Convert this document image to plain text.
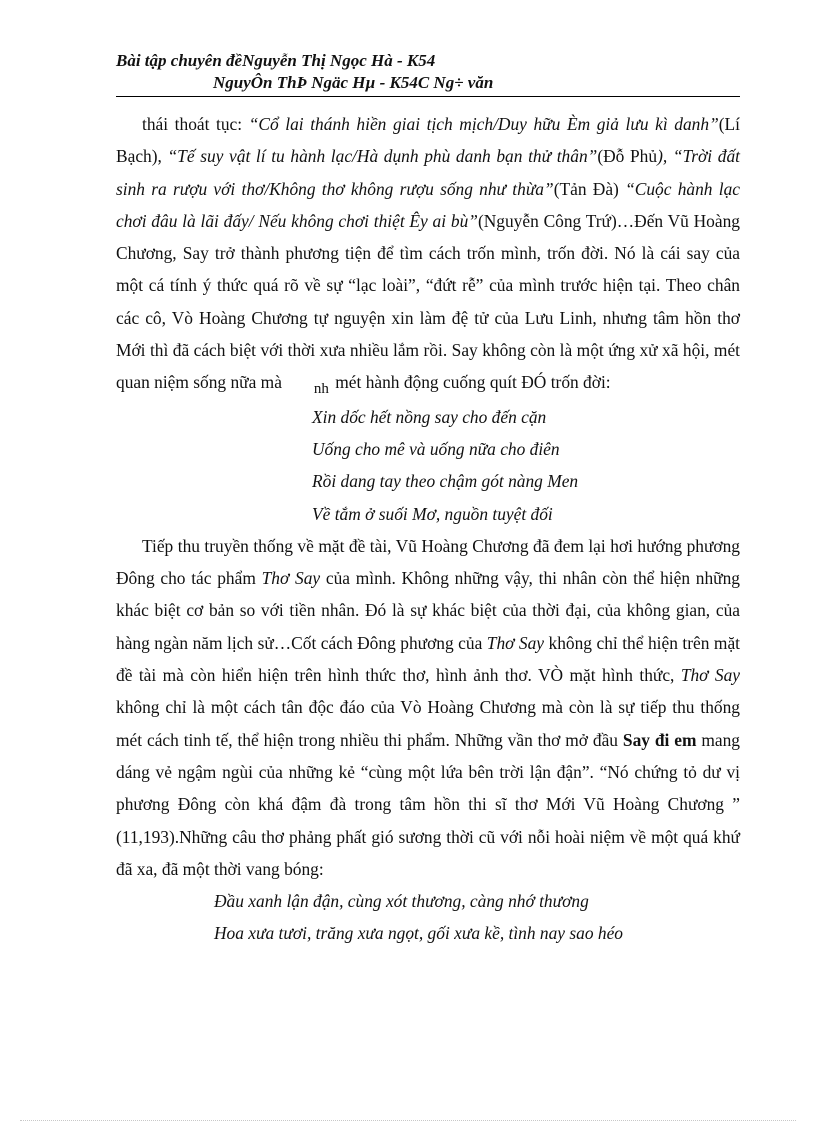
Bài tập chuyên đềNguyễn Thị Ngọc Hà - K54
NguyÔn ThÞ Ngäc Hµ - K54C Ng÷ văn

thái thoát tục: “Cổ lai thánh hiền giai tịch mịch/Duy hữu Èm giả lưu kì danh”(Lí Bạch), “Tế suy vật lí tu hành lạc/Hà dụnh phù danh bạn thử thân”(Đỗ Phủ), “Trời đất sinh ra rượu với thơ/Không thơ không rượu sống như thừa”(Tản Đà) “Cuộc hành lạc chơi đâu là lãi đấy/ Nếu không chơi thiệt Êy ai bù”(Nguyễn Công Trứ)…Đến Vũ Hoàng Chương, Say trở thành phương tiện để tìm cách trốn mình, trốn đời. Nó là cái say của một cá tính ý thức quá rõ về sự “lạc loài”, “đứt rễ” của mình trước hiện tại. Theo chân các cô, Vò Hoàng Chương tự nguyện xin làm đệ tử của Lưu Linh, nhưng tâm hồn thơ Mới thì đã cách biệt với thời xưa nhiều lắm rồi. Say không còn là một ứng xử xã hội, mét quan niệm sống nữa mà nh mét hành động cuống quít ĐÓ trốn đời:

Xin dốc hết nồng say cho đến cặn
Uống cho mê và uống nữa cho điên
Rồi dang tay theo chậm gót nàng Men
Về tắm ở suối Mơ, nguồn tuyệt đối

Tiếp thu truyền thống về mặt đề tài, Vũ Hoàng Chương đã đem lại hơi hướng phương Đông cho tác phẩm Thơ Say của mình. Không những vậy, thi nhân còn thể hiện những khác biệt cơ bản so với tiền nhân. Đó là sự khác biệt của thời đại, của không gian, của hàng ngàn năm lịch sử…Cốt cách Đông phương của Thơ Say không chỉ thể hiện trên mặt đề tài mà còn hiển hiện trên hình thức thơ, hình ảnh thơ. VÒ mặt hình thức, Thơ Say không chỉ là một cách tân độc đáo của Vò Hoàng Chương mà còn là sự tiếp thu thống mét cách tinh tế, thể hiện trong nhiều thi phẩm. Những vần thơ mở đầu Say đi em mang dáng vẻ ngậm ngùi của những kẻ “cùng một lứa bên trời lận đận”. “Nó chứng tỏ dư vị phương Đông còn khá đậm đà trong tâm hồn thi sĩ thơ Mới Vũ Hoàng Chương ” (11,193).Những câu thơ phảng phất gió sương thời cũ với nỗi hoài niệm về một quá khứ đã xa, đã một thời vang bóng:

Đầu xanh lận đận, cùng xót thương, càng nhớ thương
Hoa xưa tươi, trăng xưa ngọt, gối xưa kề, tình nay sao héo
